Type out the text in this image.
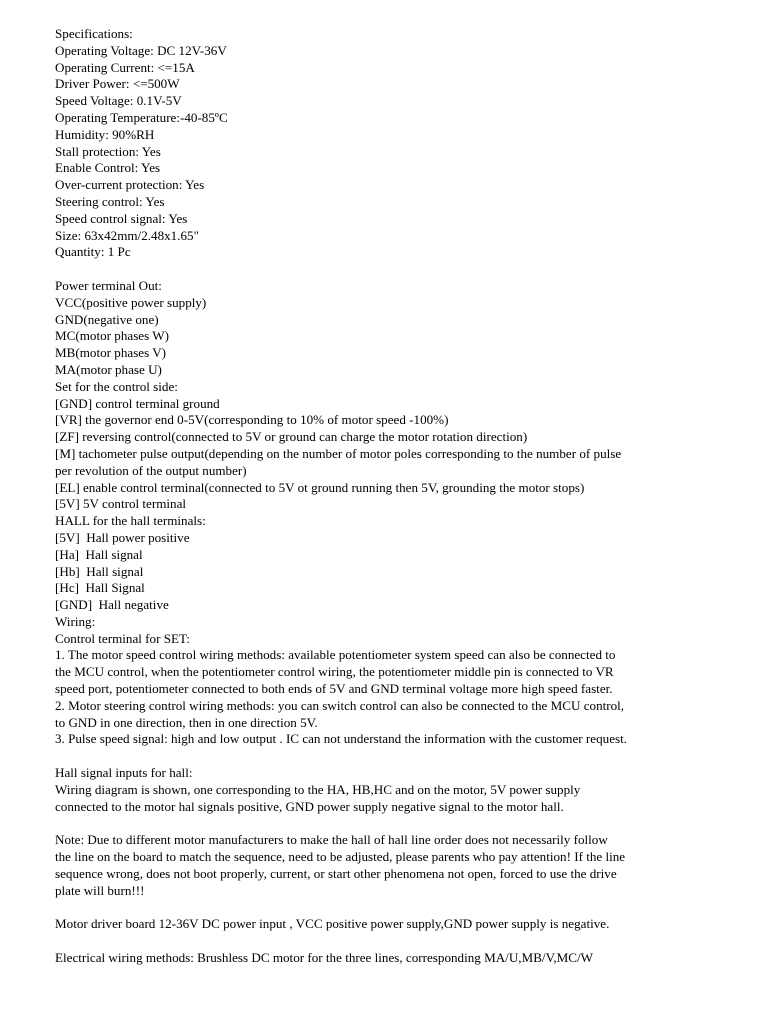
Specifications:
Operating Voltage: DC 12V-36V
Operating Current: <=15A
Driver Power: <=500W
Speed Voltage: 0.1V-5V
Operating Temperature:-40-85ºC
Humidity: 90%RH
Stall protection: Yes
Enable Control: Yes
Over-current protection: Yes
Steering control: Yes
Speed control signal: Yes
Size: 63x42mm/2.48x1.65"
Quantity: 1 Pc
Power terminal Out:
VCC(positive power supply)
GND(negative one)
MC(motor phases W)
MB(motor phases V)
MA(motor phase U)
Set for the control side:
[GND] control terminal ground
[VR] the governor end 0-5V(corresponding to 10% of motor speed -100%)
[ZF] reversing control(connected to 5V or ground can charge the motor rotation direction)
[M] tachometer pulse output(depending on the number of motor poles corresponding to the number of pulse
per revolution of the output number)
[EL] enable control terminal(connected to 5V ot ground running then 5V, grounding the motor stops)
[5V] 5V control terminal
HALL for the hall terminals:
[5V]  Hall power positive
[Ha]  Hall signal
[Hb]  Hall signal
[Hc]  Hall Signal
[GND]  Hall negative
Wiring:
Control terminal for SET:
1. The motor speed control wiring methods: available potentiometer system speed can also be connected to
the MCU control, when the potentiometer control wiring, the potentiometer middle pin is connected to VR
speed port, potentiometer connected to both ends of 5V and GND terminal voltage more high speed faster.
2. Motor steering control wiring methods: you can switch control can also be connected to the MCU control,
to GND in one direction, then in one direction 5V.
3. Pulse speed signal: high and low output . IC can not understand the information with the customer request.
Hall signal inputs for hall:
Wiring diagram is shown, one corresponding to the HA, HB,HC and on the motor, 5V power supply
connected to the motor hal signals positive, GND power supply negative signal to the motor hall.
Note: Due to different motor manufacturers to make the hall of hall line order does not necessarily follow
the line on the board to match the sequence, need to be adjusted, please parents who pay attention! If the line
sequence wrong, does not boot properly, current, or start other phenomena not open, forced to use the drive
plate will burn!!!
Motor driver board 12-36V DC power input , VCC positive power supply,GND power supply is negative.
Electrical wiring methods: Brushless DC motor for the three lines, corresponding MA/U,MB/V,MC/W
